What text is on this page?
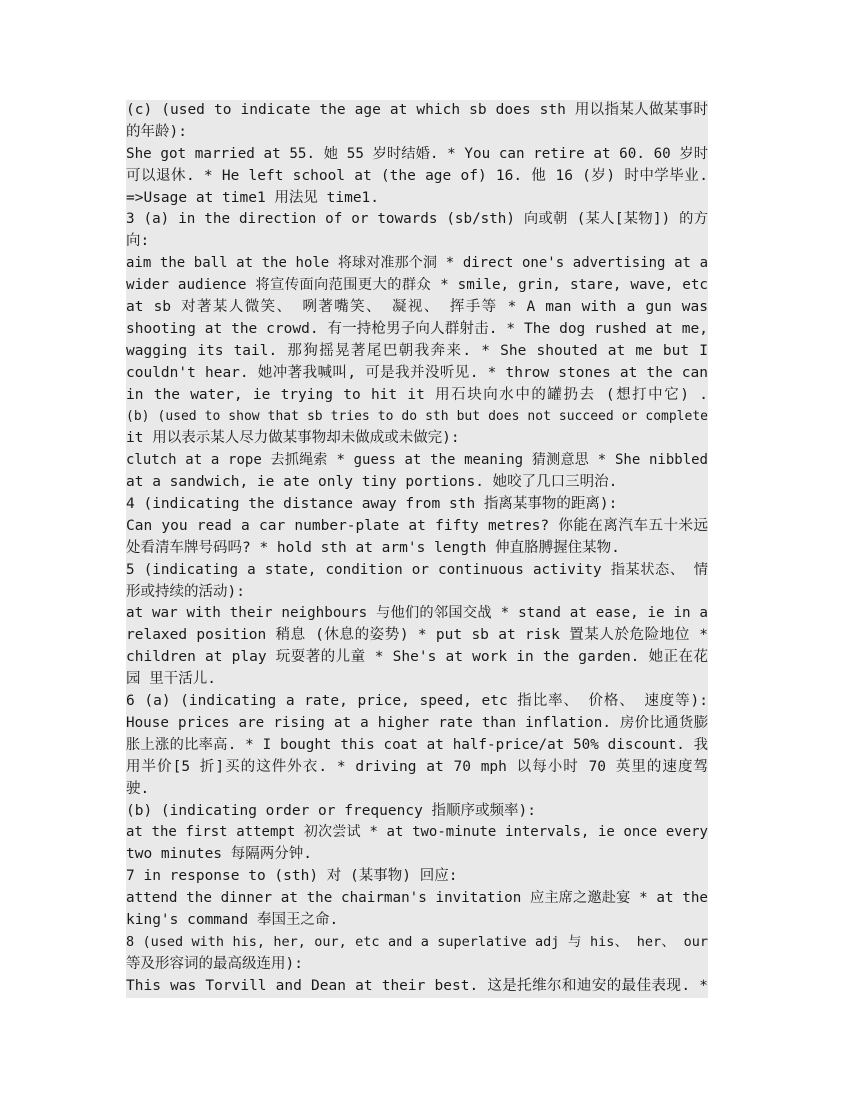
(c) (used to indicate the age at which sb does sth 用以指某人做某事时
的年龄):
She got married at 55. 她 55 岁时结婚. * You can retire at 60. 60 岁时
可以退休. * He left school at (the age of) 16. 他 16 (岁) 时中学毕业.
=>Usage at time1 用法见 time1.
3 (a) in the direction of or towards (sb/sth) 向或朝 (某人[某物]) 的方
向:
aim the ball at the hole 将球对准那个洞 * direct one's advertising at a
wider audience 将宣传面向范围更大的群众 * smile, grin, stare, wave, etc
at sb 对著某人微笑、 咧著嘴笑、 凝视、 挥手等 * A man with a gun was
shooting at the crowd. 有一持枪男子向人群射击. * The dog rushed at me,
wagging its tail. 那狗摇晃著尾巴朝我奔来. * She shouted at me but I
couldn't hear. 她冲著我喊叫, 可是我并没听见. * throw stones at the can
in the water, ie trying to hit it 用石块向水中的罐扔去 (想打中它) .
(b) (used to show that sb tries to do sth but does not succeed or complete
it 用以表示某人尽力做某事物却未做成或未做完):
clutch at a rope 去抓绳索 * guess at the meaning 猜测意思 * She nibbled
at a sandwich, ie ate only tiny portions. 她咬了几口三明治.
4 (indicating the distance away from sth 指离某事物的距离):
Can you read a car number-plate at fifty metres? 你能在离汽车五十米远
处看清车牌号码吗? * hold sth at arm's length 伸直胳膊握住某物.
5 (indicating a state, condition or continuous activity 指某状态、 情
形或持续的活动):
at war with their neighbours 与他们的邻国交战 * stand at ease, ie in a
relaxed position 稍息 (休息的姿势) * put sb at risk 置某人於危险地位 *
children at play 玩耍著的儿童 * She's at work in the garden. 她正在花
园 里干活儿.
6 (a) (indicating a rate, price, speed, etc 指比率、 价格、 速度等):
House prices are rising at a higher rate than inflation. 房价比通货膨
胀上涨的比率高. * I bought this coat at half-price/at 50% discount. 我
用半价[5 折]买的这件外衣. * driving at 70 mph 以每小时 70 英里的速度驾
驶.
(b) (indicating order or frequency 指顺序或频率):
at the first attempt 初次尝试 * at two-minute intervals, ie once every
two minutes 每隔两分钟.
7 in response to (sth) 对 (某事物) 回应:
attend the dinner at the chairman's invitation 应主席之邀赴宴 * at the
king's command 奉国王之命.
8 (used with his, her, our, etc and a superlative adj 与 his、 her、 our
等及形容词的最高级连用):
This was Torvill and Dean at their best. 这是托维尔和迪安的最佳表现. *
